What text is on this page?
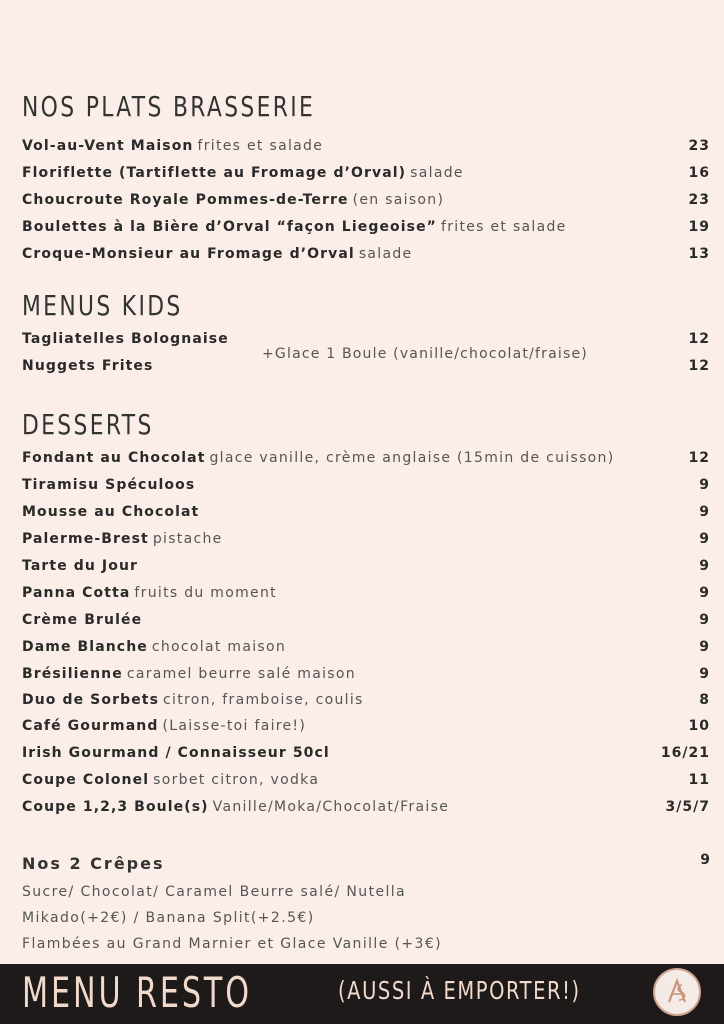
NOS PLATS BRASSERIE
Vol-au-Vent Maison frites et salade	23
Floriflette (Tartiflette au Fromage d’Orval) salade	16
Choucroute Royale Pommes-de-Terre (en saison)	23
Boulettes à la Bière d’Orval “façon Liegeoise” frites et salade	19
Croque-Monsieur au Fromage d’Orval salade	13
MENUS KIDS
Tagliatelles Bolognaise	12
Nuggets Frites	12
+Glace 1 Boule (vanille/chocolat/fraise)
DESSERTS
Fondant au Chocolat glace vanille, crème anglaise (15min de cuisson)	12
Tiramisu Spéculoos	9
Mousse au Chocolat	9
Palerme-Brest pistache	9
Tarte du Jour	9
Panna Cotta fruits du moment	9
Crème Brulée	9
Dame Blanche chocolat maison	9
Brésilienne caramel beurre salé maison	9
Duo de Sorbets citron, framboise, coulis	8
Café Gourmand (Laisse-toi faire!)	10
Irish Gourmand / Connaisseur 50cl	16/21
Coupe Colonel sorbet citron, vodka	11
Coupe 1,2,3 Boule(s) Vanille/Moka/Chocolat/Fraise	3/5/7
Nos 2 Crêpes	9
Sucre/ Chocolat/ Caramel Beurre salé/ Nutella
Mikado(+2€) / Banana Split(+2.5€)
Flambées au Grand Marnier et Glace Vanille (+3€)
MENU RESTO	(AUSSI À EMPORTER!)
